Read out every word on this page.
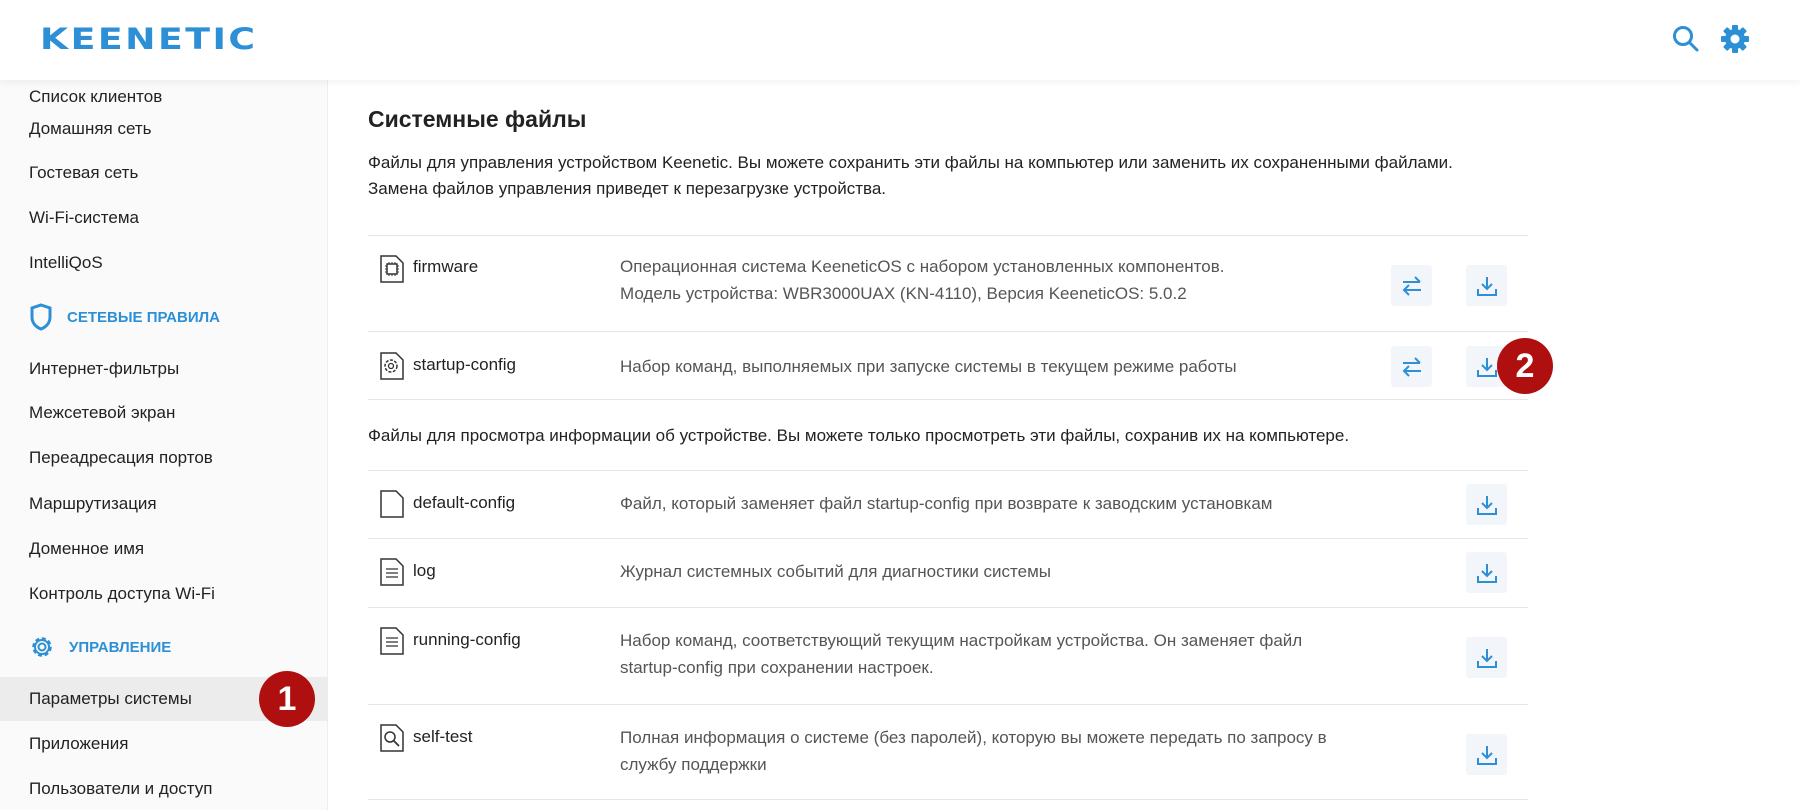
KEENETIC
Список клиентов
Домашняя сеть
Гостевая сеть
Wi-Fi-система
IntelliQoS
СЕТЕВЫЕ ПРАВИЛА
Интернет-фильтры
Межсетевой экран
Переадресация портов
Маршрутизация
Доменное имя
Контроль доступа Wi-Fi
УПРАВЛЕНИЕ
Параметры системы
Приложения
Пользователи и доступ
1
2
Системные файлы
Файлы для управления устройством Keenetic. Вы можете сохранить эти файлы на компьютер или заменить их сохраненными файлами.
Замена файлов управления приведет к перезагрузке устройства.
firmware	Операционная система KeeneticOS с набором установленных компонентов.
Модель устройства: WBR3000UAX (KN-4110), Версия KeeneticOS: 5.0.2
startup-config	Набор команд, выполняемых при запуске системы в текущем режиме работы
Файлы для просмотра информации об устройстве. Вы можете только просмотреть эти файлы, сохранив их на компьютере.
default-config	Файл, который заменяет файл startup-config при возврате к заводским установкам
log	Журнал системных событий для диагностики системы
running-config	Набор команд, соответствующий текущим настройкам устройства. Он заменяет файл
startup-config при сохранении настроек.
self-test	Полная информация о системе (без паролей), которую вы можете передать по запросу в
службу поддержки
